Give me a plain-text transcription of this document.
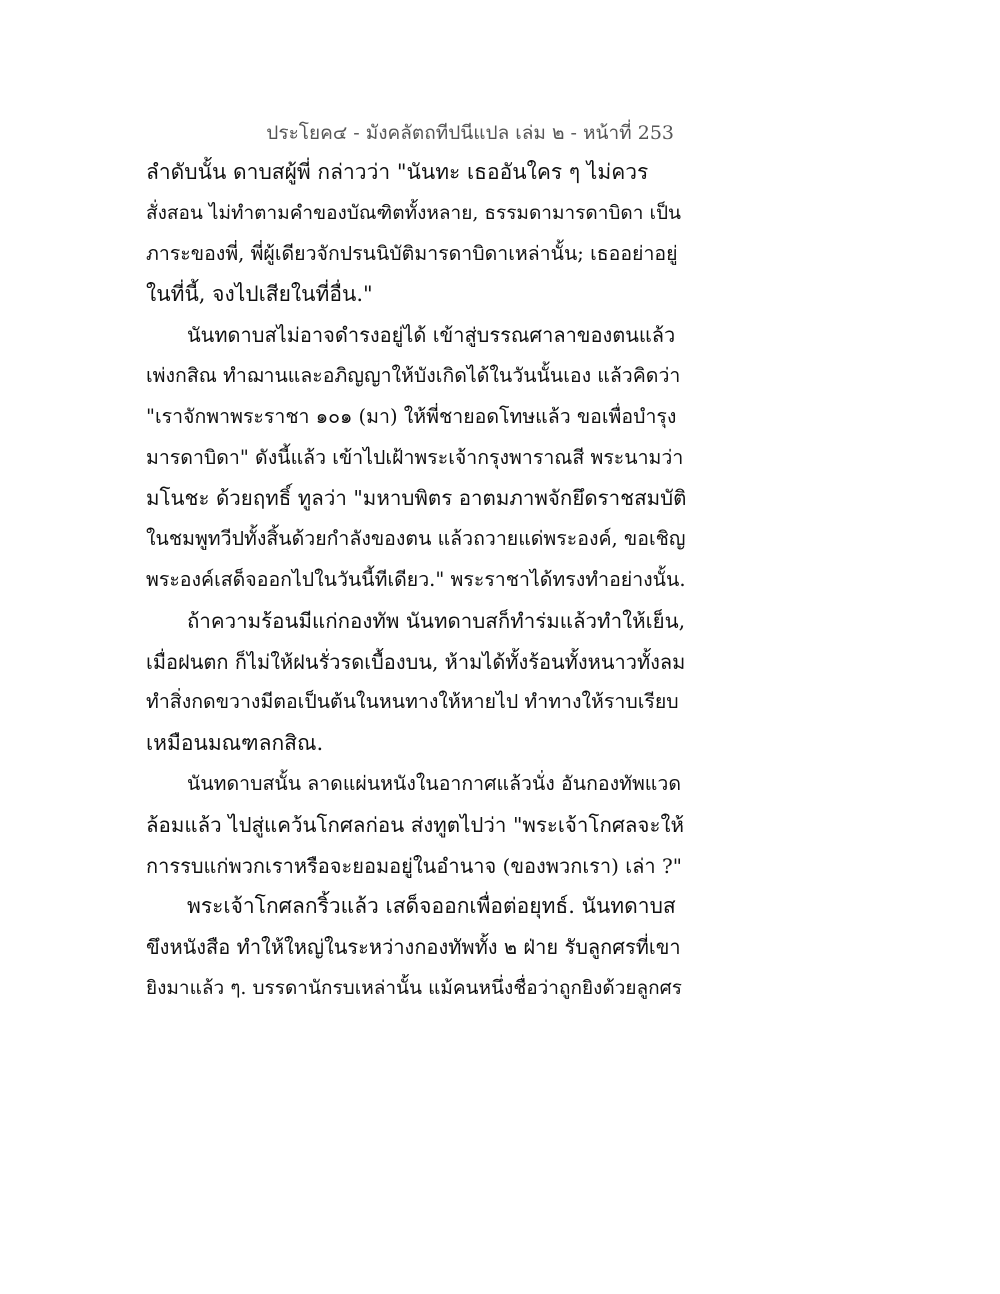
ประโยค๔ - มังคลัตถทีปนีแปล เล่ม ๒ - หน้าที่ 253
ลำดับนั้น ดาบสผู้พี่ กล่าวว่า "นันทะ เธออันใคร ๆ ไม่ควร
สั่งสอน ไม่ทำตามคำของบัณฑิตทั้งหลาย, ธรรมดามารดาบิดา เป็น
ภาระของพี่, พี่ผู้เดียวจักปรนนิบัติมารดาบิดาเหล่านั้น; เธออย่าอยู่
ในที่นี้, จงไปเสียในที่อื่น."
นันทดาบสไม่อาจดำรงอยู่ได้ เข้าสู่บรรณศาลาของตนแล้ว
เพ่งกสิณ ทำฌานและอภิญญาให้บังเกิดได้ในวันนั้นเอง แล้วคิดว่า
"เราจักพาพระราชา ๑๐๑ (มา) ให้พี่ชายอดโทษแล้ว ขอเพื่อบำรุง
มารดาบิดา" ดังนี้แล้ว เข้าไปเฝ้าพระเจ้ากรุงพาราณสี พระนามว่า
มโนชะ ด้วยฤทธิ์ ทูลว่า "มหาบพิตร อาตมภาพจักยึดราชสมบัติ
ในชมพูทวีปทั้งสิ้นด้วยกำลังของตน แล้วถวายแด่พระองค์, ขอเชิญ
พระองค์เสด็จออกไปในวันนี้ทีเดียว." พระราชาได้ทรงทำอย่างนั้น.
ถ้าความร้อนมีแก่กองทัพ นันทดาบสก็ทำร่มแล้วทำให้เย็น,
เมื่อฝนตก ก็ไม่ให้ฝนรั่วรดเบื้องบน, ห้ามได้ทั้งร้อนทั้งหนาวทั้งลม
ทำสิ่งกดขวางมีตอเป็นต้นในหนทางให้หายไป ทำทางให้ราบเรียบ
เหมือนมณฑลกสิณ.
นันทดาบสนั้น ลาดแผ่นหนังในอากาศแล้วนั่ง อันกองทัพแวด
ล้อมแล้ว ไปสู่แคว้นโกศลก่อน ส่งทูตไปว่า "พระเจ้าโกศลจะให้
การรบแก่พวกเราหรือจะยอมอยู่ในอำนาจ (ของพวกเรา) เล่า ?"
พระเจ้าโกศลกริ้วแล้ว เสด็จออกเพื่อต่อยุทธ์. นันทดาบส
ขึงหนังสือ ทำให้ใหญ่ในระหว่างกองทัพทั้ง ๒ ฝ่าย รับลูกศรที่เขา
ยิงมาแล้ว ๆ. บรรดานักรบเหล่านั้น แม้คนหนึ่งชื่อว่าถูกยิงด้วยลูกศร
